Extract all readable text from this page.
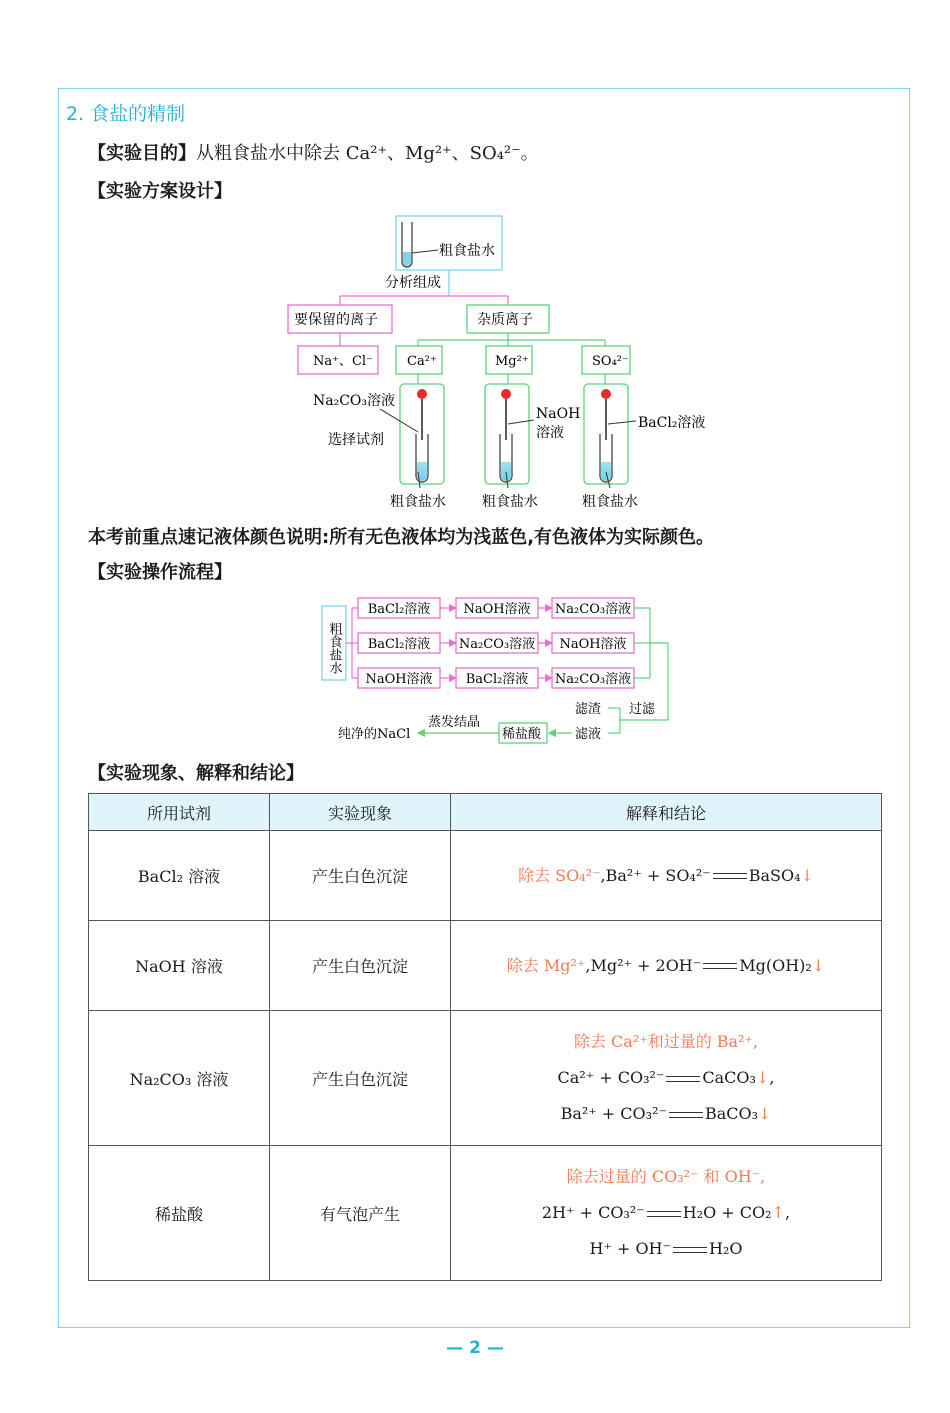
2. 食盐的精制
【实验目的】从粗食盐水中除去 Ca²⁺、Mg²⁺、SO₄²⁻。
【实验方案设计】
粗食盐水
分析组成
要保留的离子	杂质离子
Na⁺、Cl⁻	Ca²⁺	Mg²⁺	SO₄²⁻
Na₂CO₃溶液
选择试剂
NaOH
溶液
BaCl₂溶液
粗食盐水	粗食盐水	粗食盐水
本考前重点速记液体颜色说明:所有无色液体均为浅蓝色,有色液体为实际颜色。
【实验操作流程】
粗食盐水
BaCl₂溶液	NaOH溶液 Na₂CO₃溶液
BaCl₂溶液 Na₂CO₃溶液 NaOH溶液
NaOH溶液	BaCl₂溶液 Na₂CO₃溶液
过滤
滤渣
滤液
稀盐酸
蒸发结晶
纯净的NaCl
【实验现象、解释和结论】
所用试剂	实验现象	解释和结论
BaCl₂ 溶液	产生白色沉淀	除去 SO₄²⁻,Ba²⁺ + SO₄²⁻ BaSO₄↓
NaOH 溶液	产生白色沉淀	除去 Mg²⁺,Mg²⁺ + 2OH⁻ Mg(OH)₂↓
Na₂CO₃ 溶液	产生白色沉淀	除去 Ca²⁺和过量的 Ba²⁺,
Ca²⁺ + CO₃²⁻ CaCO₃↓,
Ba²⁺ + CO₃²⁻ BaCO₃↓

稀盐酸	有气泡产生	除去过量的 CO₃²⁻ 和 OH⁻,
2H⁺ + CO₃²⁻ H₂O + CO₂↑,
H⁺ + OH⁻ H₂O
— 2 —
